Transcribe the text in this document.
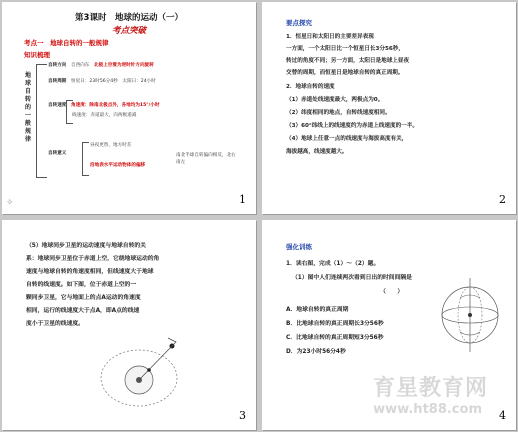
第3课时　地球的运动（一）
考点突破
考点一　地球自转的一般规律
知识梳理
地球自转的一般规律
自转方向　 自西向东　 北极上空看为逆时针方向旋转
自转周期　 恒星日：23时56分4秒　 太阳日：24小时
自转速度　 角速度：除南北极点外，各地均为15°/小时
线速度：赤道最大，向两极递减
自转意义
昼夜更替、地方时差
沿地表水平运动物体的偏移
南北半球自转偏向相反，北右南左
✧	1
要点探究
1．恒星日和太阳日的主要差异表现
一方面，一个太阳日比一个恒星日长3分56秒，
转过的角度不同；另一方面，太阳日是地球上昼夜
交替的周期，而恒星日是地球自转的真正周期。
2．地球自转的速度
（1）赤道处线速度最大，两极点为0。
（2）纬度相同的地点，自转线速度相同。
（3）60°纬线上的线速度约为赤道上线速度的一半。
（4）地球上任意一点的线速度与海拔高度有关，
海拔越高，线速度越大。
2
（5）地球同步卫星的运动速度与地球自转的关
系：地球同步卫星位于赤道上空，它绕地球运动的角
速度与地球自转的角速度相同，但线速度大于地球
自转的线速度。如下图，位于赤道上空的一
颗同步卫星，它与地面上的点A运动的角速度
相同，运行的线速度大于点A，即A点的线速
度小于卫星的线速度。
3
强化训练
1．读右图，完成（1）～（2）题。
（1）图中人们连续两次看到日出的时间间隔是
（　　）
A．地球自转的真正周期
B．比地球自转的真正周期长3分56秒
C．比地球自转的真正周期短3分56秒
D．为23小时56分4秒
育星教育网
www.ht88.com 4
